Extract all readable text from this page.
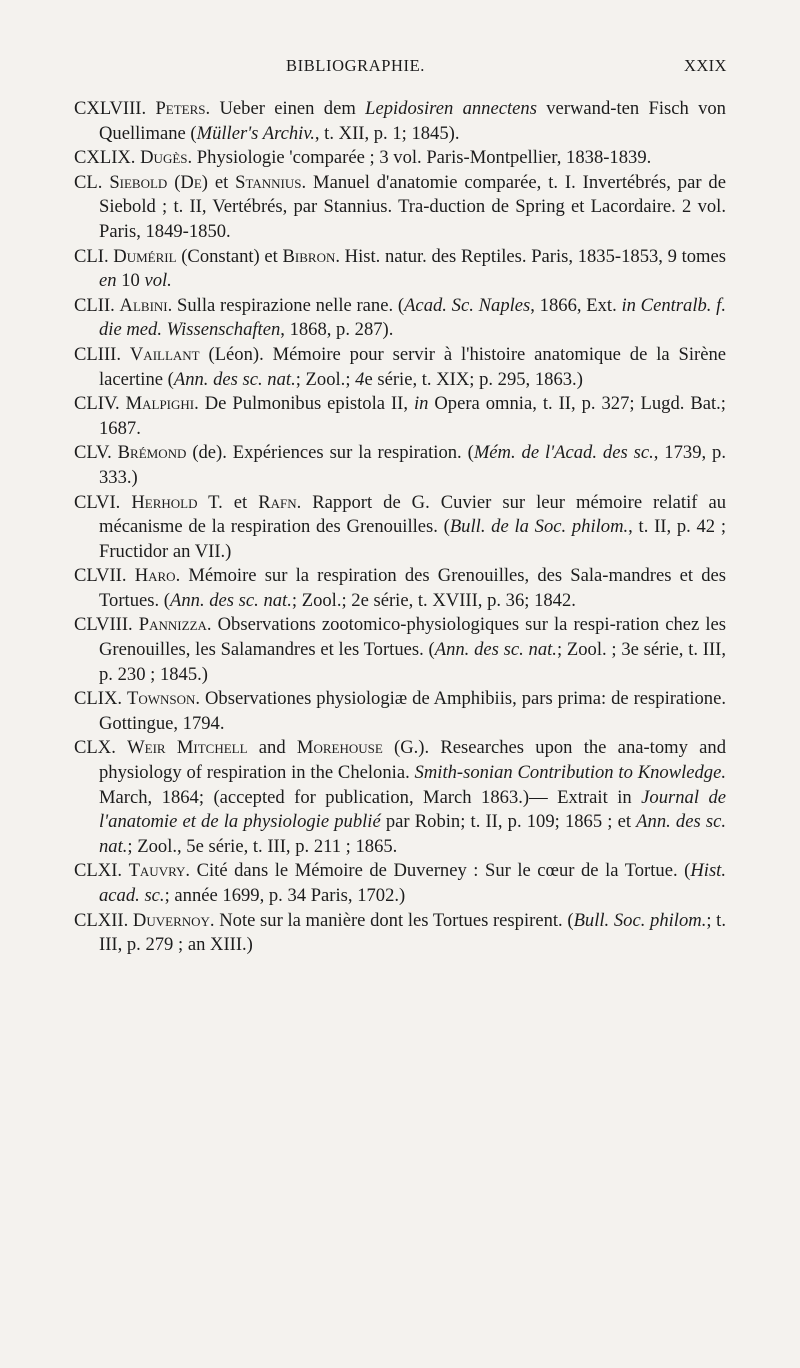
BIBLIOGRAPHIE.	XXIX
CXLVIII. Peters. Ueber einen dem Lepidosiren annectens verwand-ten Fisch von Quellimane (Müller's Archiv., t. XII, p. 1; 1845).
CXLIX. Dugès. Physiologie 'comparée ; 3 vol. Paris-Montpellier, 1838-1839.
CL. Siebold (De) et Stannius. Manuel d'anatomie comparée, t. I. Invertébrés, par de Siebold ; t. II, Vertébrés, par Stannius. Tra-duction de Spring et Lacordaire. 2 vol. Paris, 1849-1850.
CLI. Duméril (Constant) et Bibron. Hist. natur. des Reptiles. Paris, 1835-1853, 9 tomes en 10 vol.
CLII. Albini. Sulla respirazione nelle rane. (Acad. Sc. Naples, 1866, Ext. in Centralb. f. die med. Wissenschaften, 1868, p. 287).
CLIII. Vaillant (Léon). Mémoire pour servir à l'histoire anatomique de la Sirène lacertine (Ann. des sc. nat.; Zool.; 4e série, t. XIX; p. 295, 1863.)
CLIV. Malpighi. De Pulmonibus epistola II, in Opera omnia, t. II, p. 327; Lugd. Bat.; 1687.
CLV. Brémond (de). Expériences sur la respiration. (Mém. de l'Acad. des sc., 1739, p. 333.)
CLVI. Herhold T. et Rafn. Rapport de G. Cuvier sur leur mémoire relatif au mécanisme de la respiration des Grenouilles. (Bull. de la Soc. philom., t. II, p. 42 ; Fructidor an VII.)
CLVII. Haro. Mémoire sur la respiration des Grenouilles, des Sala-mandres et des Tortues. (Ann. des sc. nat.; Zool.; 2e série, t. XVIII, p. 36; 1842.
CLVIII. Pannizza. Observations zootomico-physiologiques sur la respi-ration chez les Grenouilles, les Salamandres et les Tortues. (Ann. des sc. nat.; Zool. ; 3e série, t. III, p. 230 ; 1845.)
CLIX. Townson. Observationes physiologiæ de Amphibiis, pars prima: de respiratione. Gottingue, 1794.
CLX. Weir Mitchell and Morehouse (G.). Researches upon the ana-tomy and physiology of respiration in the Chelonia. Smith-sonian Contribution to Knowledge. March, 1864; (accepted for publication, March 1863.)— Extrait in Journal de l'anatomie et de la physiologie publié par Robin; t. II, p. 109; 1865 ; et Ann. des sc. nat.; Zool., 5e série, t. III, p. 211 ; 1865.
CLXI. Tauvry. Cité dans le Mémoire de Duverney : Sur le cœur de la Tortue. (Hist. acad. sc.; année 1699, p. 34 Paris, 1702.)
CLXII. Duvernoy. Note sur la manière dont les Tortues respirent. (Bull. Soc. philom.; t. III, p. 279 ; an XIII.)
